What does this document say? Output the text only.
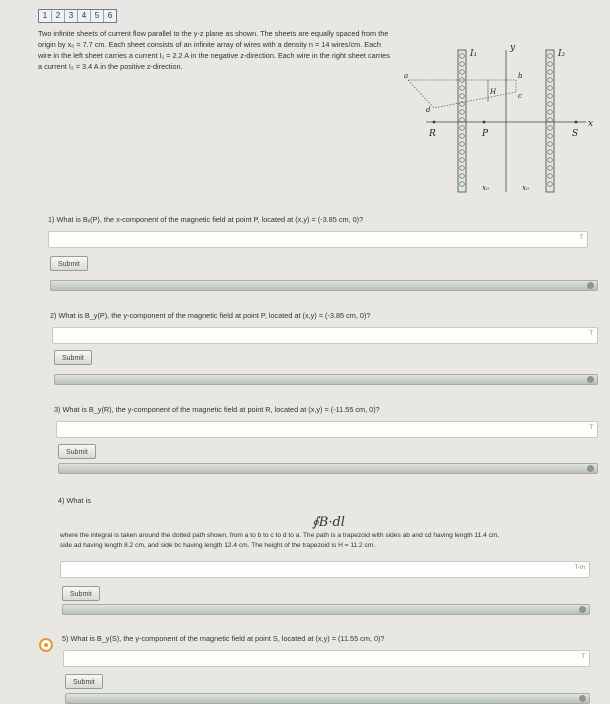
1	2	3	4	5	6
Two infinite sheets of current flow parallel to the y-z plane as shown. The sheets are equally spaced from the origin by x₀ = 7.7 cm. Each sheet consists of an infinite array of wires with a density n = 14 wires/cm. Each wire in the left sheet carries a current I₁ = 2.2 A in the negative z-direction. Each wire in the right sheet carries a current I₂ = 3.4 A in the positive z-direction.
I₁	I₂
y
x
R	P	S
a	b
c
d
H
x₀	x₀
1) What is Bₓ(P), the x-component of the magnetic field at point P, located at (x,y) = (-3.85 cm, 0)?
T
Submit
2) What is B_y(P), the y-component of the magnetic field at point P, located at (x,y) = (-3.85 cm, 0)?
T
Submit
3) What is B_y(R), the y-component of the magnetic field at point R, located at (x,y) = (-11.55 cm, 0)?
T
Submit
4) What is
∮B·dl
where the integral is taken around the dotted path shown, from a to b to c to d to a. The path is a trapezoid with sides ab and cd having length 11.4 cm,
side ad having length 8.2 cm, and side bc having length 12.4 cm. The height of the trapezoid is H = 11.2 cm.
T-m
Submit
5) What is B_y(S), the y-component of the magnetic field at point S, located at (x,y) = (11.55 cm, 0)?
T
Submit
